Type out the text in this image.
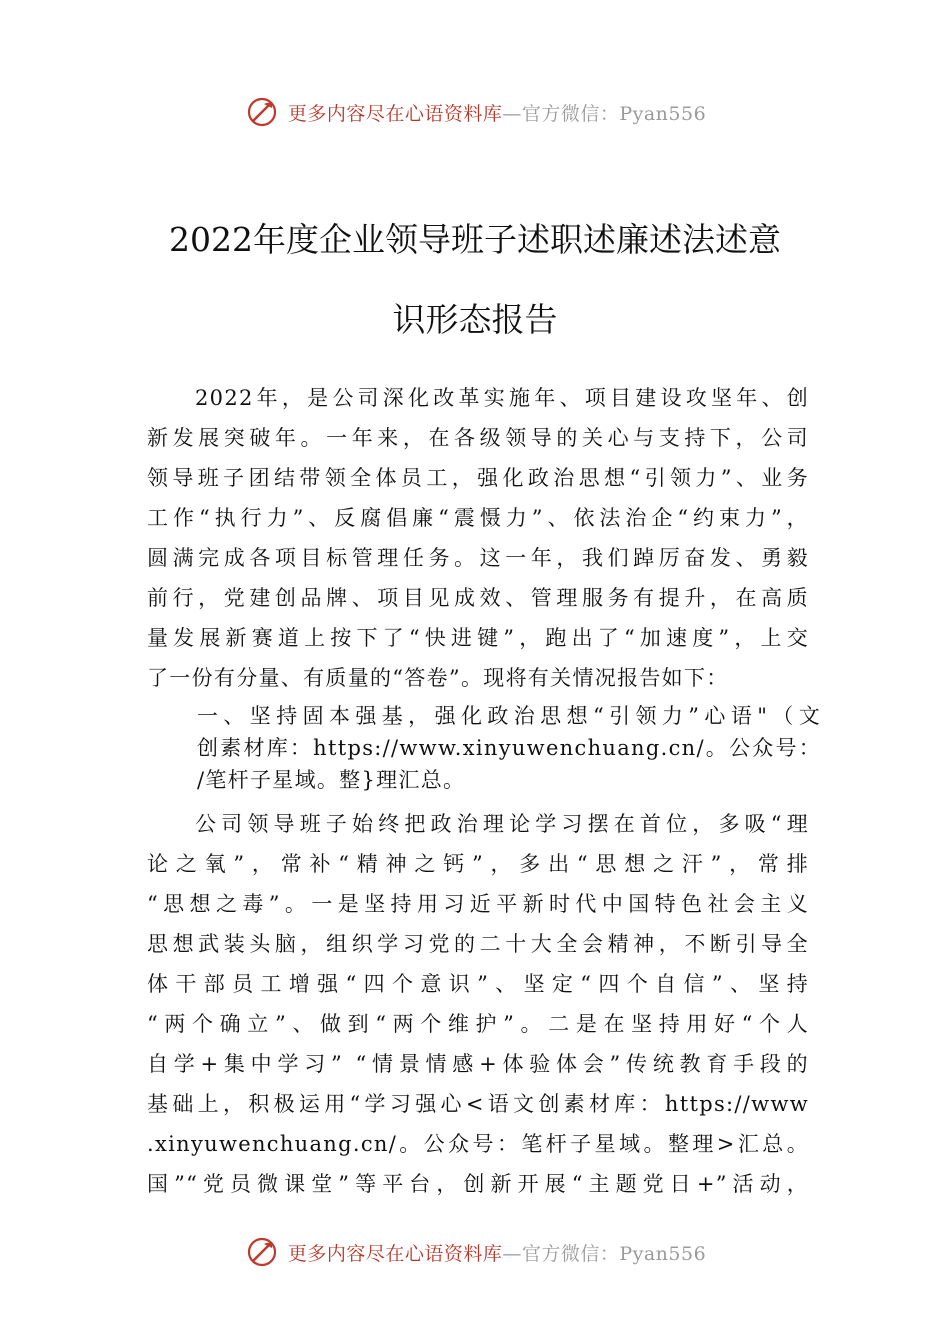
更多内容尽在心语资料库—官方微信：Pyan556
2022年度企业领导班子述职述廉述法述意
识形态报告
2022年，是公司深化改革实施年、项目建设攻坚年、创
新发展突破年。一年来，在各级领导的关心与支持下，公司
领导班子团结带领全体员工，强化政治思想“引领力”、业务
工作“执行力”、反腐倡廉“震慑力”、依法治企“约束力”，
圆满完成各项目标管理任务。这一年，我们踔厉奋发、勇毅
前行，党建创品牌、项目见成效、管理服务有提升，在高质
量发展新赛道上按下了“快进键”，跑出了“加速度”，上交
了一份有分量、有质量的“答卷”。现将有关情况报告如下：
一、坚持固本强基，强化政治思想“引领力”心语"（文
创素材库：https://www.xinyuwenchuang.cn/。公众号：
/笔杆子星域。整}理汇总。
公司领导班子始终把政治理论学习摆在首位，多吸“理
论之氧”，常补“精神之钙”，多出“思想之汗”，常排
“思想之毒”。一是坚持用习近平新时代中国特色社会主义
思想武装头脑，组织学习党的二十大全会精神，不断引导全
体干部员工增强“四个意识”、坚定“四个自信”、坚持
“两个确立”、做到“两个维护”。二是在坚持用好“个人
自学+集中学习” “情景情感+体验体会”传统教育手段的
基础上，积极运用“学习强心<语文创素材库：https://www
.xinyuwenchuang.cn/。公众号：笔杆子星域。整理>汇总。
国”“党员微课堂”等平台，创新开展“主题党日+”活动，
更多内容尽在心语资料库—官方微信：Pyan556
